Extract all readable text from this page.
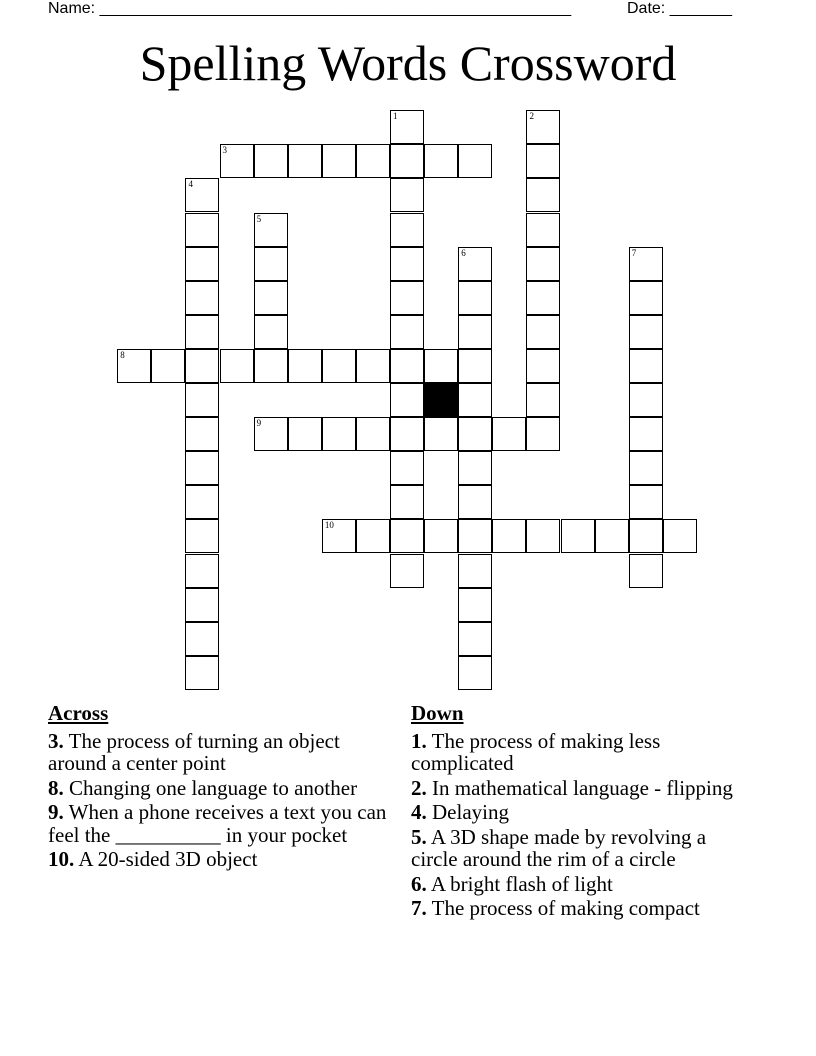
Name: _____________________________________________________	Date: _______
Spelling Words Crossword
1	2
3
4
5
6	7
8
9
10
Across
3. The process of turning an object around a center point
8. Changing one language to another
9. When a phone receives a text you can feel the __________ in your pocket
10. A 20-sided 3D object
Down
1. The process of making less complicated
2. In mathematical language - flipping
4. Delaying
5. A 3D shape made by revolving a circle around the rim of a circle
6. A bright flash of light
7. The process of making compact
